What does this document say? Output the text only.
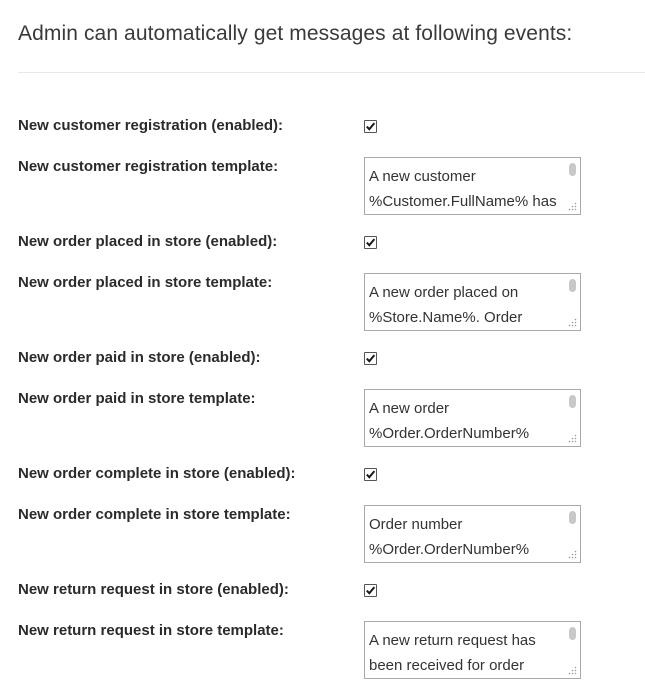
Admin can automatically get messages at following events:
New customer registration (enabled):
New customer registration template:
A new customer %Customer.FullName% has
New order placed in store (enabled):
New order placed in store template:
A new order placed on %Store.Name%. Order
New order paid in store (enabled):
New order paid in store template:
A new order %Order.OrderNumber%
New order complete in store (enabled):
New order complete in store template:
Order number %Order.OrderNumber%
New return request in store (enabled):
New return request in store template:
A new return request has been received for order
